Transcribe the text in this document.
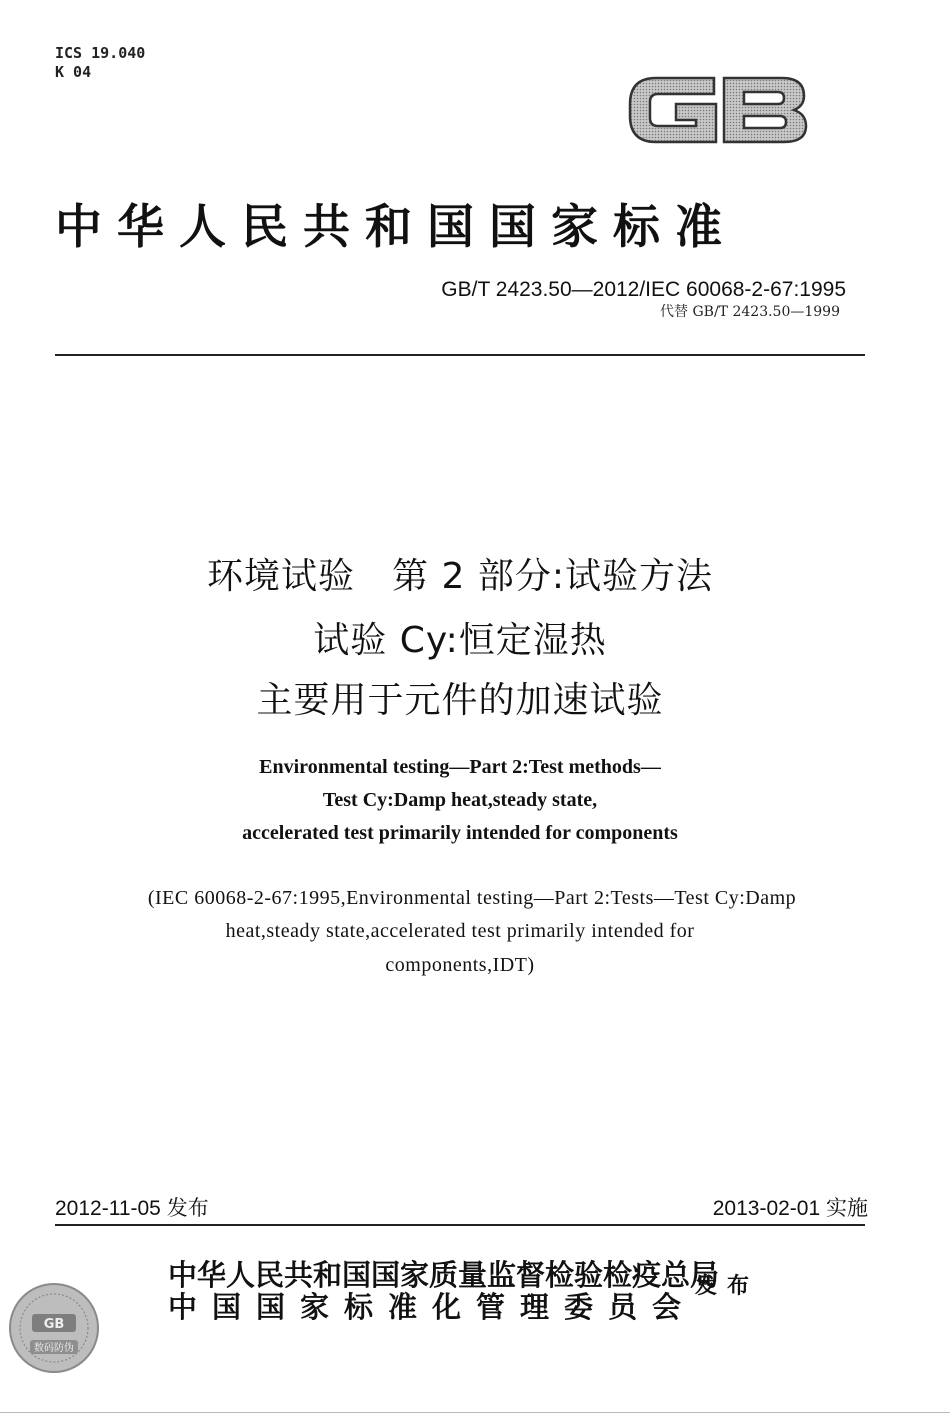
ICS 19.040
K 04
中华人民共和国国家标准
GB/T 2423.50—2012/IEC 60068-2-67:1995
代替 GB/T 2423.50—1999
环境试验　第 2 部分:试验方法
试验 Cy:恒定湿热
主要用于元件的加速试验
Environmental testing—Part 2:Test methods—
Test Cy:Damp heat,steady state,
accelerated test primarily intended for components
(IEC 60068-2-67:1995,Environmental testing—Part 2:Tests—Test Cy:Damp
heat,steady state,accelerated test primarily intended for
components,IDT)
2012-11-05 发布	2013-02-01 实施
中华人民共和国国家质量监督检验检疫总局
中国国家标准化管理委员会
发布
GB
数码防伪
